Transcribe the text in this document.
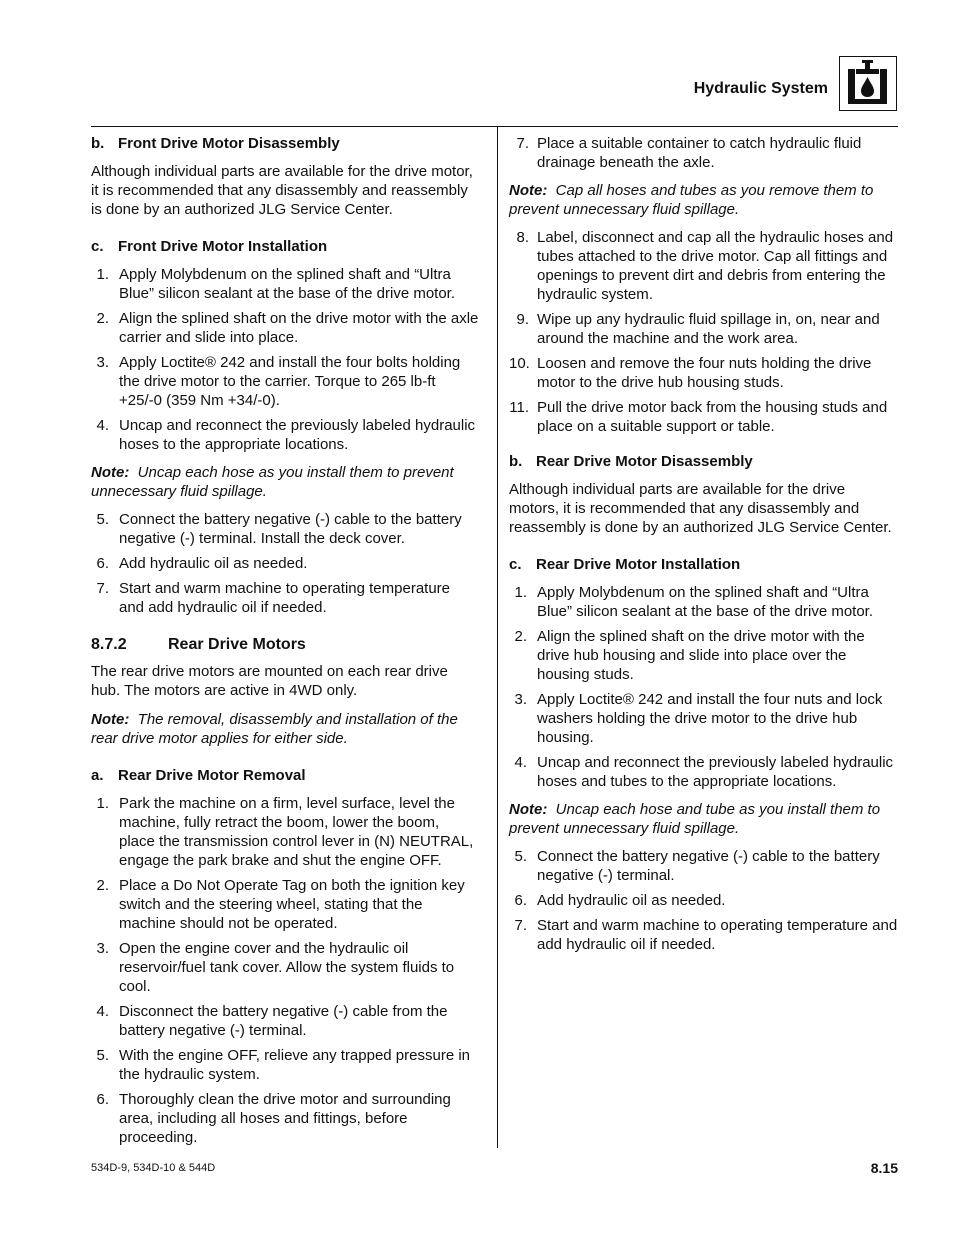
Hydraulic System
b. Front Drive Motor Disassembly

Although individual parts are available for the drive motor, it is recommended that any disassembly and reassembly is done by an authorized JLG Service Center.

c. Front Drive Motor Installation
1. Apply Molybdenum on the splined shaft and “Ultra Blue” silicon sealant at the base of the drive motor.
2. Align the splined shaft on the drive motor with the axle carrier and slide into place.
3. Apply Loctite® 242 and install the four bolts holding the drive motor to the carrier. Torque to 265 lb-ft +25/-0 (359 Nm +34/-0).
4. Uncap and reconnect the previously labeled hydraulic hoses to the appropriate locations.

Note: Uncap each hose as you install them to prevent unnecessary fluid spillage.

5. Connect the battery negative (-) cable to the battery negative (-) terminal. Install the deck cover.
6. Add hydraulic oil as needed.
7. Start and warm machine to operating temperature and add hydraulic oil if needed.
8.7.2	Rear Drive Motors

The rear drive motors are mounted on each rear drive hub. The motors are active in 4WD only.

Note: The removal, disassembly and installation of the rear drive motor applies for either side.

a. Rear Drive Motor Removal
1. Park the machine on a firm, level surface, level the machine, fully retract the boom, lower the boom, place the transmission control lever in (N) NEUTRAL, engage the park brake and shut the engine OFF.
2. Place a Do Not Operate Tag on both the ignition key switch and the steering wheel, stating that the machine should not be operated.
3. Open the engine cover and the hydraulic oil reservoir/fuel tank cover. Allow the system fluids to cool.
4. Disconnect the battery negative (-) cable from the battery negative (-) terminal.
5. With the engine OFF, relieve any trapped pressure in the hydraulic system.
6. Thoroughly clean the drive motor and surrounding area, including all hoses and fittings, before proceeding.
7. Place a suitable container to catch hydraulic fluid drainage beneath the axle.

Note: Cap all hoses and tubes as you remove them to prevent unnecessary fluid spillage.

8. Label, disconnect and cap all the hydraulic hoses and tubes attached to the drive motor. Cap all fittings and openings to prevent dirt and debris from entering the hydraulic system.
9. Wipe up any hydraulic fluid spillage in, on, near and around the machine and the work area.
10. Loosen and remove the four nuts holding the drive motor to the drive hub housing studs.
11. Pull the drive motor back from the housing studs and place on a suitable support or table.
b. Rear Drive Motor Disassembly

Although individual parts are available for the drive motors, it is recommended that any disassembly and reassembly is done by an authorized JLG Service Center.

c. Rear Drive Motor Installation
1. Apply Molybdenum on the splined shaft and “Ultra Blue” silicon sealant at the base of the drive motor.
2. Align the splined shaft on the drive motor with the drive hub housing and slide into place over the housing studs.
3. Apply Loctite® 242 and install the four nuts and lock washers holding the drive motor to the drive hub housing.
4. Uncap and reconnect the previously labeled hydraulic hoses and tubes to the appropriate locations.

Note: Uncap each hose and tube as you install them to prevent unnecessary fluid spillage.

5. Connect the battery negative (-) cable to the battery negative (-) terminal.
6. Add hydraulic oil as needed.
7. Start and warm machine to operating temperature and add hydraulic oil if needed.
534D-9, 534D-10 & 544D	8.15
